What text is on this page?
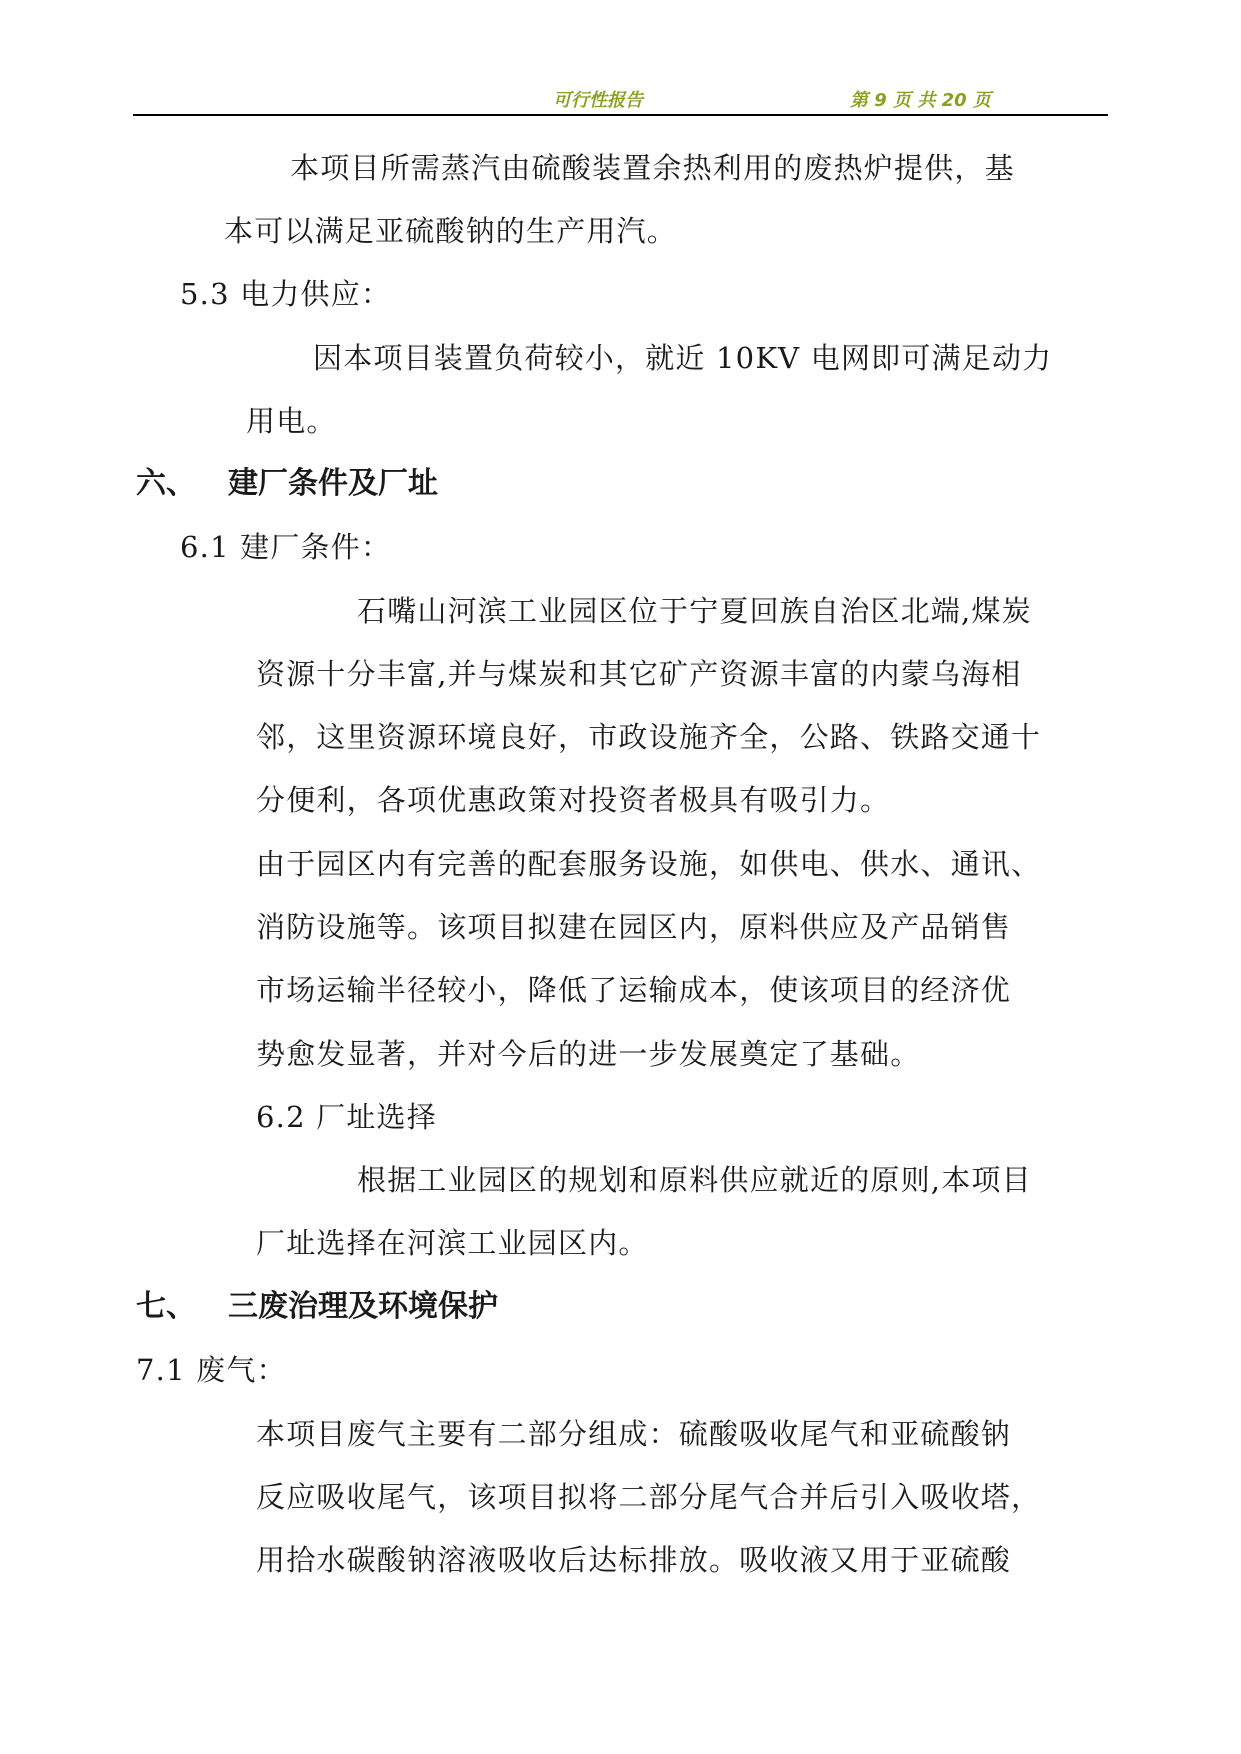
可行性报告	第 9 页 共 20 页
本项目所需蒸汽由硫酸装置余热利用的废热炉提供，基
本可以满足亚硫酸钠的生产用汽。
5.3 电力供应：
因本项目装置负荷较小，就近 10KV 电网即可满足动力
用电。
六、 建厂条件及厂址
6.1 建厂条件：
石嘴山河滨工业园区位于宁夏回族自治区北端,煤炭
资源十分丰富,并与煤炭和其它矿产资源丰富的内蒙乌海相
邻，这里资源环境良好，市政设施齐全，公路、铁路交通十
分便利，各项优惠政策对投资者极具有吸引力。
由于园区内有完善的配套服务设施，如供电、供水、通讯、
消防设施等。该项目拟建在园区内，原料供应及产品销售
市场运输半径较小，降低了运输成本，使该项目的经济优
势愈发显著，并对今后的进一步发展奠定了基础。
6.2 厂址选择
根据工业园区的规划和原料供应就近的原则,本项目
厂址选择在河滨工业园区内。
七、 三废治理及环境保护
7.1 废气：
本项目废气主要有二部分组成：硫酸吸收尾气和亚硫酸钠
反应吸收尾气，该项目拟将二部分尾气合并后引入吸收塔，
用拾水碳酸钠溶液吸收后达标排放。吸收液又用于亚硫酸
